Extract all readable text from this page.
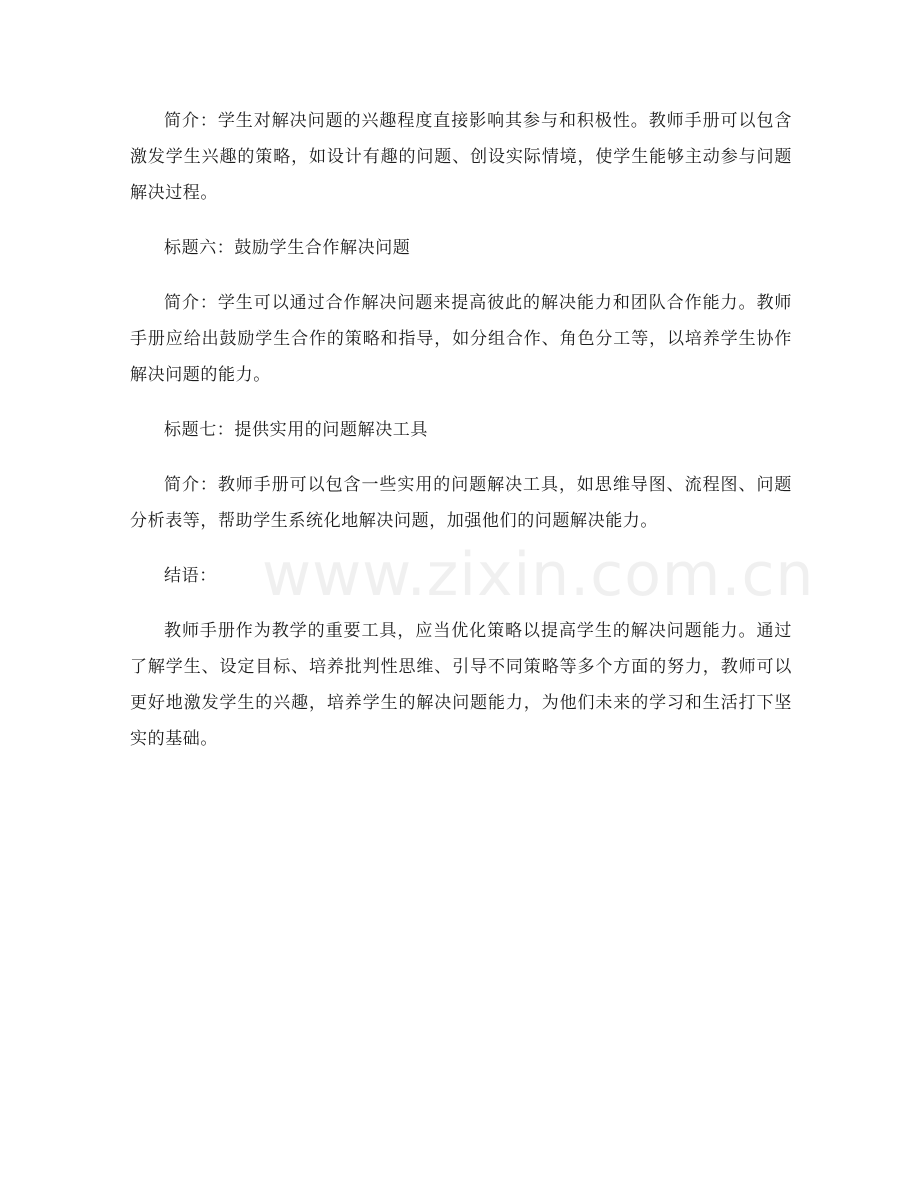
www.zixin.com.cn

简介：学生对解决问题的兴趣程度直接影响其参与和积极性。教师手册可以包含激发学生兴趣的策略，如设计有趣的问题、创设实际情境，使学生能够主动参与问题解决过程。

标题六：鼓励学生合作解决问题

简介：学生可以通过合作解决问题来提高彼此的解决能力和团队合作能力。教师手册应给出鼓励学生合作的策略和指导，如分组合作、角色分工等，以培养学生协作解决问题的能力。

标题七：提供实用的问题解决工具

简介：教师手册可以包含一些实用的问题解决工具，如思维导图、流程图、问题分析表等，帮助学生系统化地解决问题，加强他们的问题解决能力。

结语：

教师手册作为教学的重要工具，应当优化策略以提高学生的解决问题能力。通过了解学生、设定目标、培养批判性思维、引导不同策略等多个方面的努力，教师可以更好地激发学生的兴趣，培养学生的解决问题能力，为他们未来的学习和生活打下坚实的基础。
